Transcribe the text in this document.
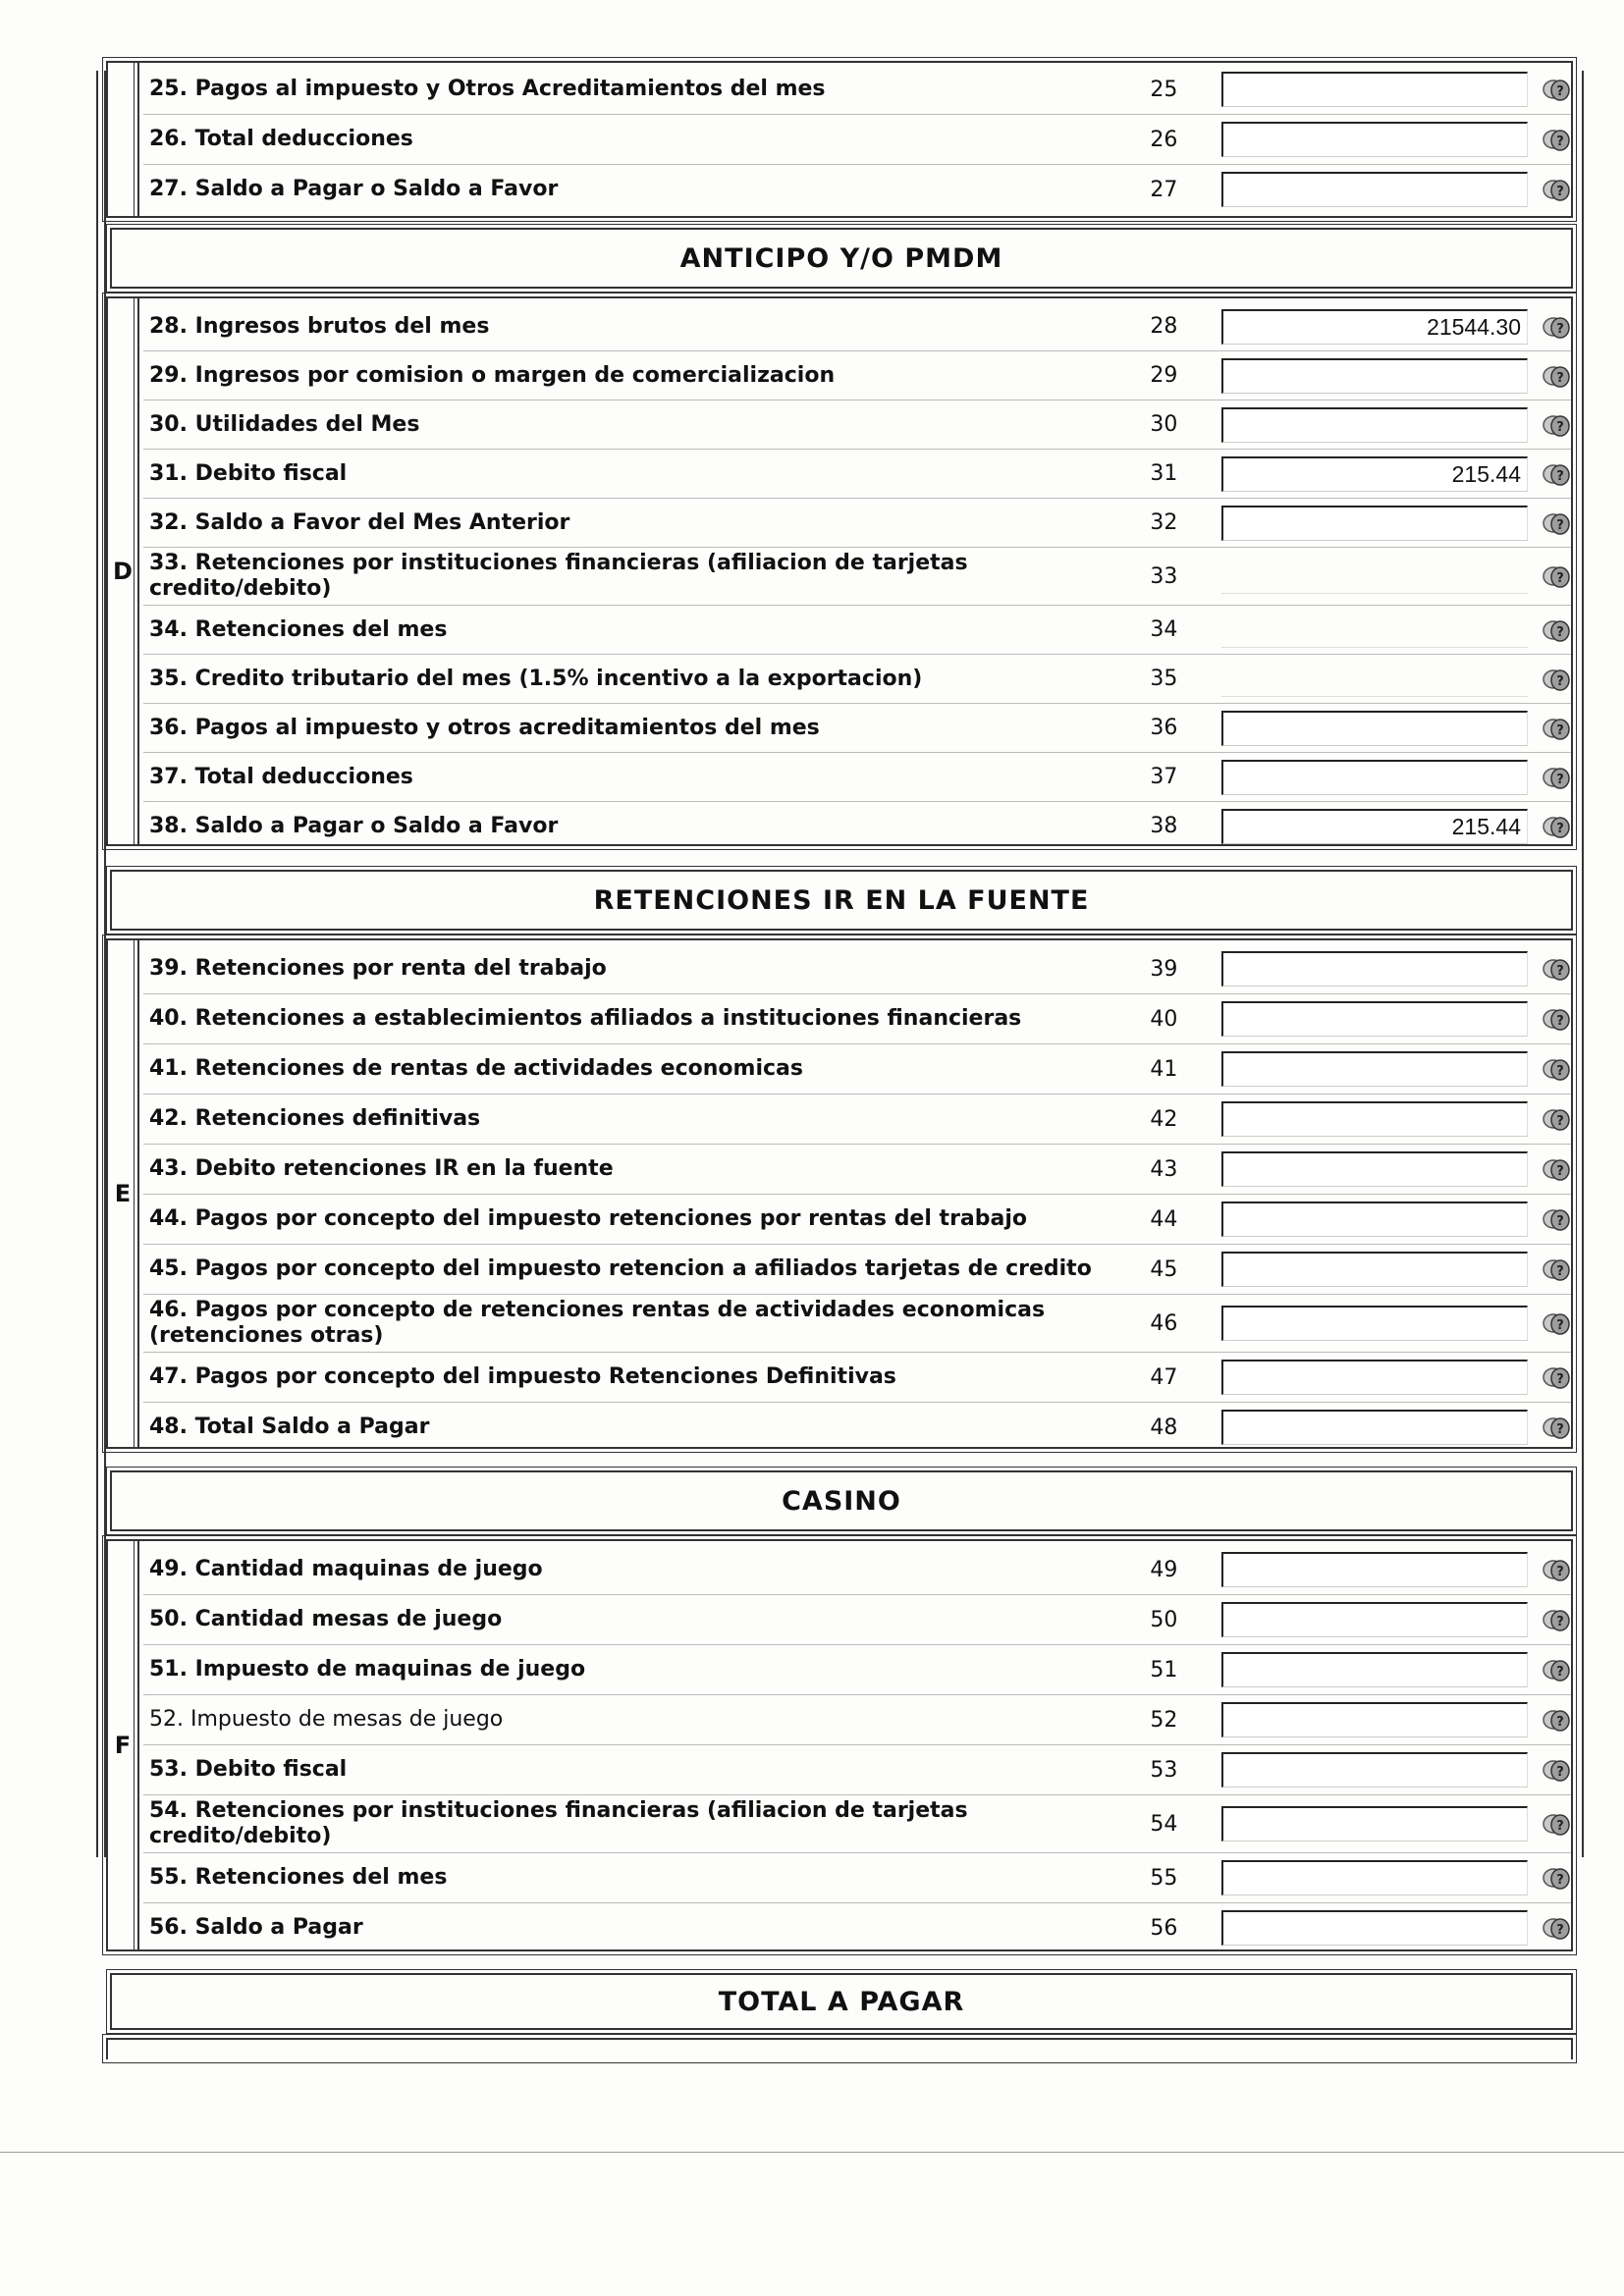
25. Pagos al impuesto y Otros Acreditamientos del mes	25	?
26. Total deducciones	26	?
27. Saldo a Pagar o Saldo a Favor	27	?
ANTICIPO Y/O PMDM
D
28. Ingresos brutos del mes	28	21544.30	?
29. Ingresos por comision o margen de comercializacion	29	?
30. Utilidades del Mes	30	?
31. Debito fiscal	31	215.44	?
32. Saldo a Favor del Mes Anterior	32	?
33. Retenciones por instituciones financieras (afiliacion de tarjetas credito/debito)	33	?
34. Retenciones del mes	34	?
35. Credito tributario del mes (1.5% incentivo a la exportacion)	35	?
36. Pagos al impuesto y otros acreditamientos del mes	36	?
37. Total deducciones	37	?
38. Saldo a Pagar o Saldo a Favor	38	215.44	?
RETENCIONES IR EN LA FUENTE
E
39. Retenciones por renta del trabajo	39	?
40. Retenciones a establecimientos afiliados a instituciones financieras	40	?
41. Retenciones de rentas de actividades economicas	41	?
42. Retenciones definitivas	42	?
43. Debito retenciones IR en la fuente	43	?
44. Pagos por concepto del impuesto retenciones por rentas del trabajo	44	?
45. Pagos por concepto del impuesto retencion a afiliados tarjetas de credito	45	?
46. Pagos por concepto de retenciones rentas de actividades economicas (retenciones otras)	46	?
47. Pagos por concepto del impuesto Retenciones Definitivas	47	?
48. Total Saldo a Pagar	48	?
CASINO
F
49. Cantidad maquinas de juego	49	?
50. Cantidad mesas de juego	50	?
51. Impuesto de maquinas de juego	51	?
52. Impuesto de mesas de juego	52	?
53. Debito fiscal	53	?
54. Retenciones por instituciones financieras (afiliacion de tarjetas credito/debito)	54	?
55. Retenciones del mes	55	?
56. Saldo a Pagar	56	?
TOTAL A PAGAR
